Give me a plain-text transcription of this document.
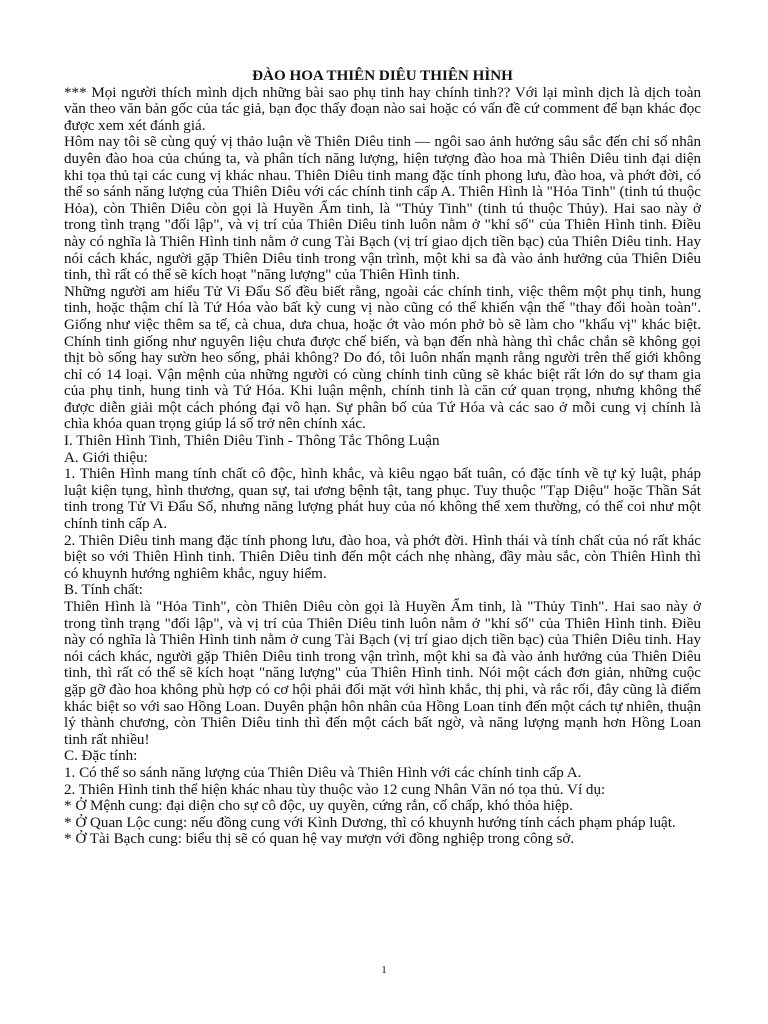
ĐÀO HOA THIÊN DIÊU THIÊN HÌNH

*** Mọi người thích mình dịch những bài sao phụ tinh hay chính tinh?? Với lại mình dịch là dịch toàn văn theo văn bản gốc của tác giả, bạn đọc thấy đoạn nào sai hoặc có vấn đề cứ comment để bạn khác đọc được xem xét đánh giá.

Hôm nay tôi sẽ cùng quý vị thảo luận về Thiên Diêu tinh — ngôi sao ảnh hưởng sâu sắc đến chỉ số nhân duyên đào hoa của chúng ta, và phân tích năng lượng, hiện tượng đào hoa mà Thiên Diêu tinh đại diện khi tọa thủ tại các cung vị khác nhau. Thiên Diêu tinh mang đặc tính phong lưu, đào hoa, và phớt đời, có thể so sánh năng lượng của Thiên Diêu với các chính tinh cấp A. Thiên Hình là "Hỏa Tinh" (tinh tú thuộc Hỏa), còn Thiên Diêu còn gọi là Huyền Ẩm tinh, là "Thủy Tinh" (tinh tú thuộc Thủy). Hai sao này ở trong tình trạng "đối lập", và vị trí của Thiên Diêu tinh luôn nằm ở "khí số" của Thiên Hình tinh. Điều này có nghĩa là Thiên Hình tinh nằm ở cung Tài Bạch (vị trí giao dịch tiền bạc) của Thiên Diêu tinh. Hay nói cách khác, người gặp Thiên Diêu tinh trong vận trình, một khi sa đà vào ảnh hưởng của Thiên Diêu tinh, thì rất có thể sẽ kích hoạt "năng lượng" của Thiên Hình tinh.

Những người am hiểu Tử Vi Đẩu Số đều biết rằng, ngoài các chính tinh, việc thêm một phụ tinh, hung tinh, hoặc thậm chí là Tứ Hóa vào bất kỳ cung vị nào cũng có thể khiến vận thế "thay đổi hoàn toàn". Giống như việc thêm sa tế, cà chua, dưa chua, hoặc ớt vào món phở bò sẽ làm cho "khẩu vị" khác biệt. Chính tinh giống như nguyên liệu chưa được chế biến, và bạn đến nhà hàng thì chắc chắn sẽ không gọi thịt bò sống hay sườn heo sống, phải không? Do đó, tôi luôn nhấn mạnh rằng người trên thế giới không chỉ có 14 loại. Vận mệnh của những người có cùng chính tinh cũng sẽ khác biệt rất lớn do sự tham gia của phụ tinh, hung tinh và Tứ Hóa. Khi luận mệnh, chính tinh là căn cứ quan trọng, nhưng không thể được diễn giải một cách phóng đại vô hạn. Sự phân bố của Tứ Hóa và các sao ở mỗi cung vị chính là chìa khóa quan trọng giúp lá số trở nên chính xác.

I. Thiên Hình Tinh, Thiên Diêu Tinh - Thông Tắc Thông Luận

A. Giới thiệu:

1. Thiên Hình mang tính chất cô độc, hình khắc, và kiêu ngạo bất tuân, có đặc tính về tự kỷ luật, pháp luật kiện tụng, hình thương, quan sự, tai ương bệnh tật, tang phục. Tuy thuộc "Tạp Diệu" hoặc Thần Sát tinh trong Tử Vi Đẩu Số, nhưng năng lượng phát huy của nó không thể xem thường, có thể coi như một chính tinh cấp A.

2. Thiên Diêu tinh mang đặc tính phong lưu, đào hoa, và phớt đời. Hình thái và tính chất của nó rất khác biệt so với Thiên Hình tinh. Thiên Diêu tinh đến một cách nhẹ nhàng, đầy màu sắc, còn Thiên Hình thì có khuynh hướng nghiêm khắc, nguy hiểm.

B. Tính chất:

Thiên Hình là "Hỏa Tinh", còn Thiên Diêu còn gọi là Huyền Ẩm tinh, là "Thủy Tinh". Hai sao này ở trong tình trạng "đối lập", và vị trí của Thiên Diêu tinh luôn nằm ở "khí số" của Thiên Hình tinh. Điều này có nghĩa là Thiên Hình tinh nằm ở cung Tài Bạch (vị trí giao dịch tiền bạc) của Thiên Diêu tinh. Hay nói cách khác, người gặp Thiên Diêu tinh trong vận trình, một khi sa đà vào ảnh hưởng của Thiên Diêu tinh, thì rất có thể sẽ kích hoạt "năng lượng" của Thiên Hình tinh. Nói một cách đơn giản, những cuộc gặp gỡ đào hoa không phù hợp có cơ hội phải đối mặt với hình khắc, thị phi, và rắc rối, đây cũng là điểm khác biệt so với sao Hồng Loan. Duyên phận hôn nhân của Hồng Loan tinh đến một cách tự nhiên, thuận lý thành chương, còn Thiên Diêu tinh thì đến một cách bất ngờ, và năng lượng mạnh hơn Hồng Loan tinh rất nhiều!

C. Đặc tính:

1. Có thể so sánh năng lượng của Thiên Diêu và Thiên Hình với các chính tinh cấp A.

2. Thiên Hình tinh thể hiện khác nhau tùy thuộc vào 12 cung Nhân Văn nó tọa thủ. Ví dụ:

* Ở Mệnh cung: đại diện cho sự cô độc, uy quyền, cứng rắn, cố chấp, khó thỏa hiệp.

* Ở Quan Lộc cung: nếu đồng cung với Kình Dương, thì có khuynh hướng tính cách phạm pháp luật.

* Ở Tài Bạch cung: biểu thị sẽ có quan hệ vay mượn với đồng nghiệp trong công sở.

1
